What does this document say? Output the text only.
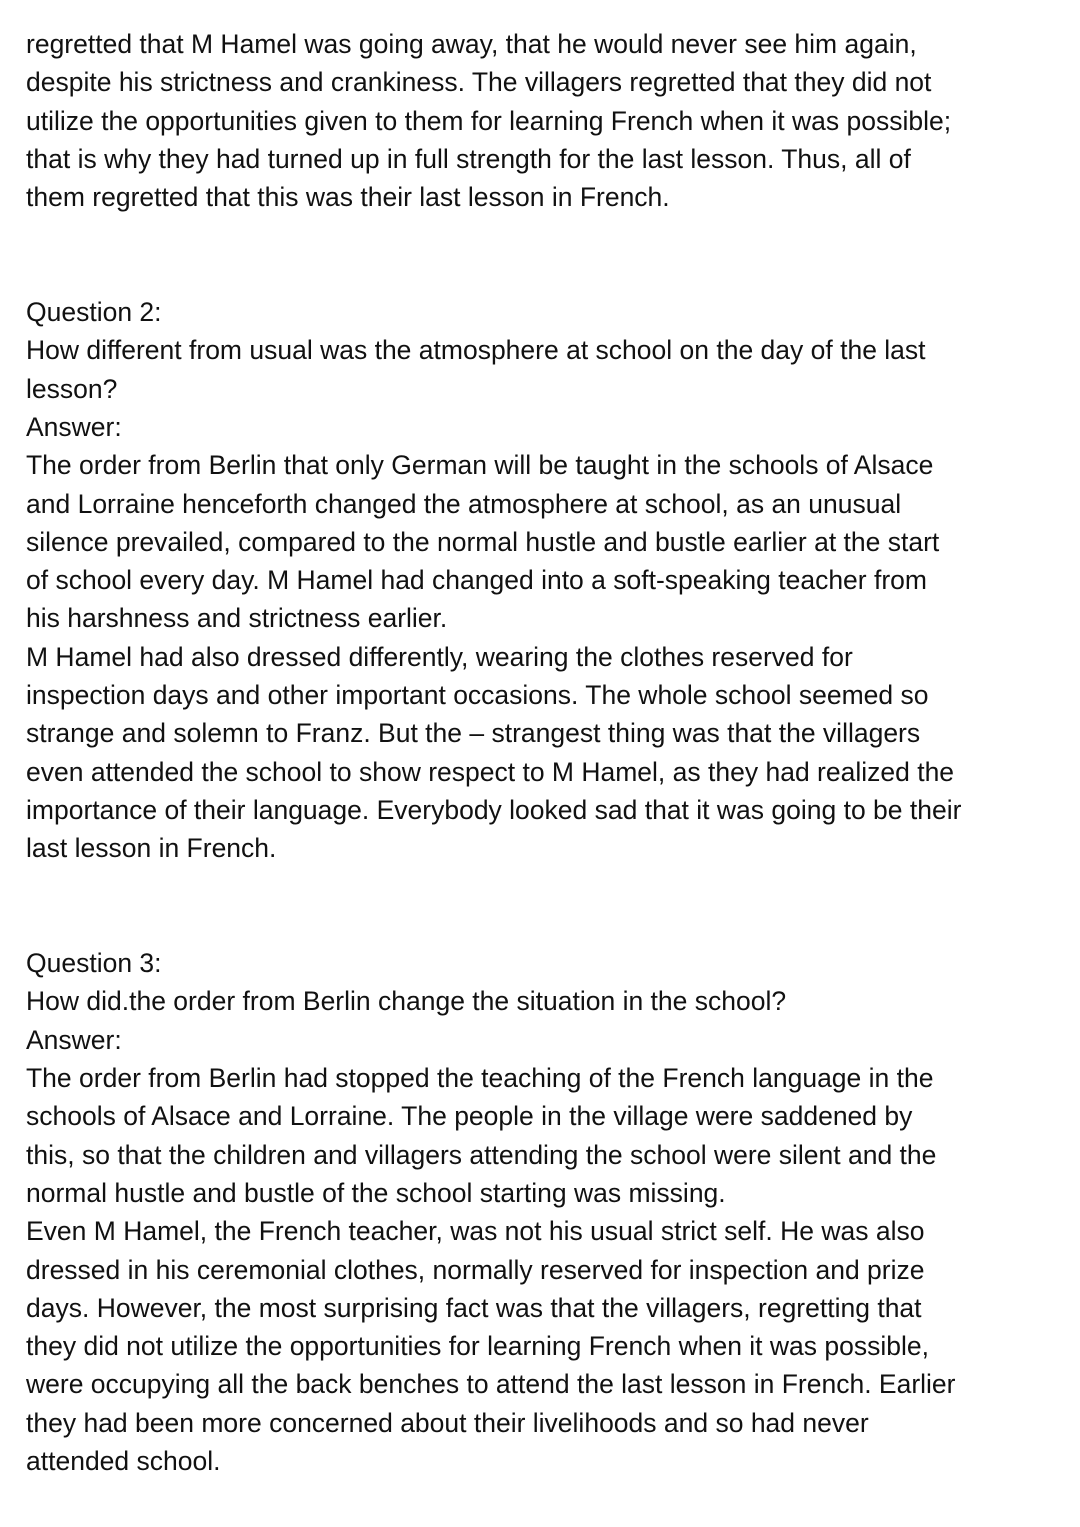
regretted that M Hamel was going away, that he would never see him again,
despite his strictness and crankiness. The villagers regretted that they did not
utilize the opportunities given to them for learning French when it was possible;
that is why they had turned up in full strength for the last lesson. Thus, all of
them regretted that this was their last lesson in French.
Question 2:
How different from usual was the atmosphere at school on the day of the last
lesson?
Answer:
The order from Berlin that only German will be taught in the schools of Alsace
and Lorraine henceforth changed the atmosphere at school, as an unusual
silence prevailed, compared to the normal hustle and bustle earlier at the start
of school every day. M Hamel had changed into a soft-speaking teacher from
his harshness and strictness earlier.
M Hamel had also dressed differently, wearing the clothes reserved for
inspection days and other important occasions. The whole school seemed so
strange and solemn to Franz. But the – strangest thing was that the villagers
even attended the school to show respect to M Hamel, as they had realized the
importance of their language. Everybody looked sad that it was going to be their
last lesson in French.
Question 3:
How did.the order from Berlin change the situation in the school?
Answer:
The order from Berlin had stopped the teaching of the French language in the
schools of Alsace and Lorraine. The people in the village were saddened by
this, so that the children and villagers attending the school were silent and the
normal hustle and bustle of the school starting was missing.
Even M Hamel, the French teacher, was not his usual strict self. He was also
dressed in his ceremonial clothes, normally reserved for inspection and prize
days. However, the most surprising fact was that the villagers, regretting that
they did not utilize the opportunities for learning French when it was possible,
were occupying all the back benches to attend the last lesson in French. Earlier
they had been more concerned about their livelihoods and so had never
attended school.
